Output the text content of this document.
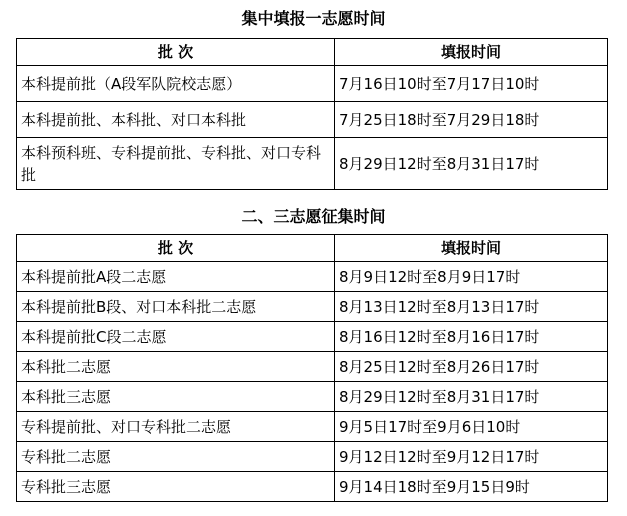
集中填报一志愿时间
批 次	填报时间
本科提前批（A段军队院校志愿）	7月16日10时至7月17日10时
本科提前批、本科批、对口本科批	7月25日18时至7月29日18时
本科预科班、专科提前批、专科批、对口专科批	8月29日12时至8月31日17时
二、三志愿征集时间
批 次	填报时间
本科提前批A段二志愿	8月9日12时至8月9日17时
本科提前批B段、对口本科批二志愿	8月13日12时至8月13日17时
本科提前批C段二志愿	8月16日12时至8月16日17时
本科批二志愿	8月25日12时至8月26日17时
本科批三志愿	8月29日12时至8月31日17时
专科提前批、对口专科批二志愿	9月5日17时至9月6日10时
专科批二志愿	9月12日12时至9月12日17时
专科批三志愿	9月14日18时至9月15日9时
